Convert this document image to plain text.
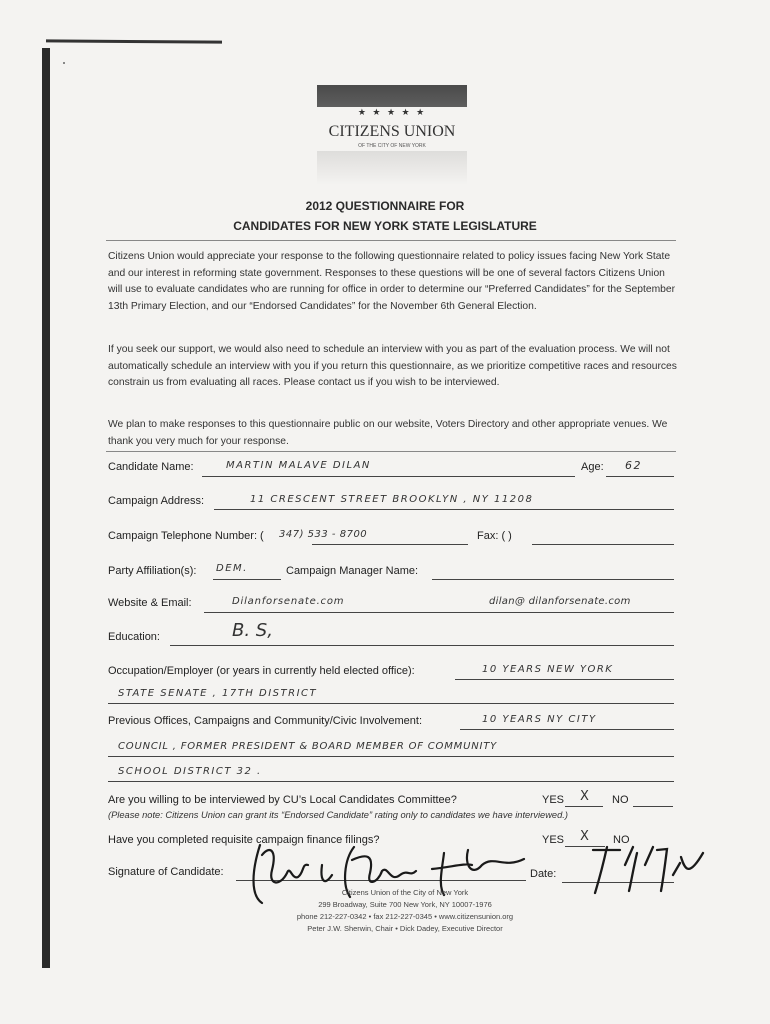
★ ★ ★ ★ ★
CITIZENS UNION
OF THE CITY OF NEW YORK
2012 QUESTIONNAIRE FOR
CANDIDATES FOR NEW YORK STATE LEGISLATURE

Citizens Union would appreciate your response to the following questionnaire related to policy issues facing New York State and our interest in reforming state government. Responses to these questions will be one of several factors Citizens Union will use to evaluate candidates who are running for office in order to determine our “Preferred Candidates” for the September 13th Primary Election, and our “Endorsed Candidates” for the November 6th General Election.

If you seek our support, we would also need to schedule an interview with you as part of the evaluation process. We will not automatically schedule an interview with you if you return this questionnaire, as we prioritize competitive races and resources constrain us from evaluating all races. Please contact us if you wish to be interviewed.

We plan to make responses to this questionnaire public on our website, Voters Directory and other appropriate venues. We thank you very much for your response.

Candidate Name:	MARTIN MALAVE DILAN	Age: 62
Campaign Address:	11 CRESCENT STREET BROOKLYN , NY 11208
Campaign Telephone Number: ( 347) 533 - 8700	Fax: ( )
Party Affiliation(s): DEM.	Campaign Manager Name:
Website & Email:	Dilanforsenate.com	dilan@ dilanforsenate.com
Education:	B. S,
Occupation/Employer (or years in currently held elected office):	10 YEARS NEW YORK
STATE SENATE , 17TH DISTRICT
Previous Offices, Campaigns and Community/Civic Involvement:	10 YEARS NY CITY
COUNCIL , FORMER PRESIDENT & BOARD MEMBER OF COMMUNITY
SCHOOL DISTRICT 32 .
Are you willing to be interviewed by CU’s Local Candidates Committee?	YES X NO
(Please note: Citizens Union can grant its “Endorsed Candidate” rating only to candidates we have interviewed.)
Have you completed requisite campaign finance filings?	YES X NO
Signature of Candidate:	Date:
Citizens Union of the City of New York
299 Broadway, Suite 700 New York, NY 10007-1976
phone 212-227-0342 • fax 212-227-0345 • www.citizensunion.org
Peter J.W. Sherwin, Chair • Dick Dadey, Executive Director
